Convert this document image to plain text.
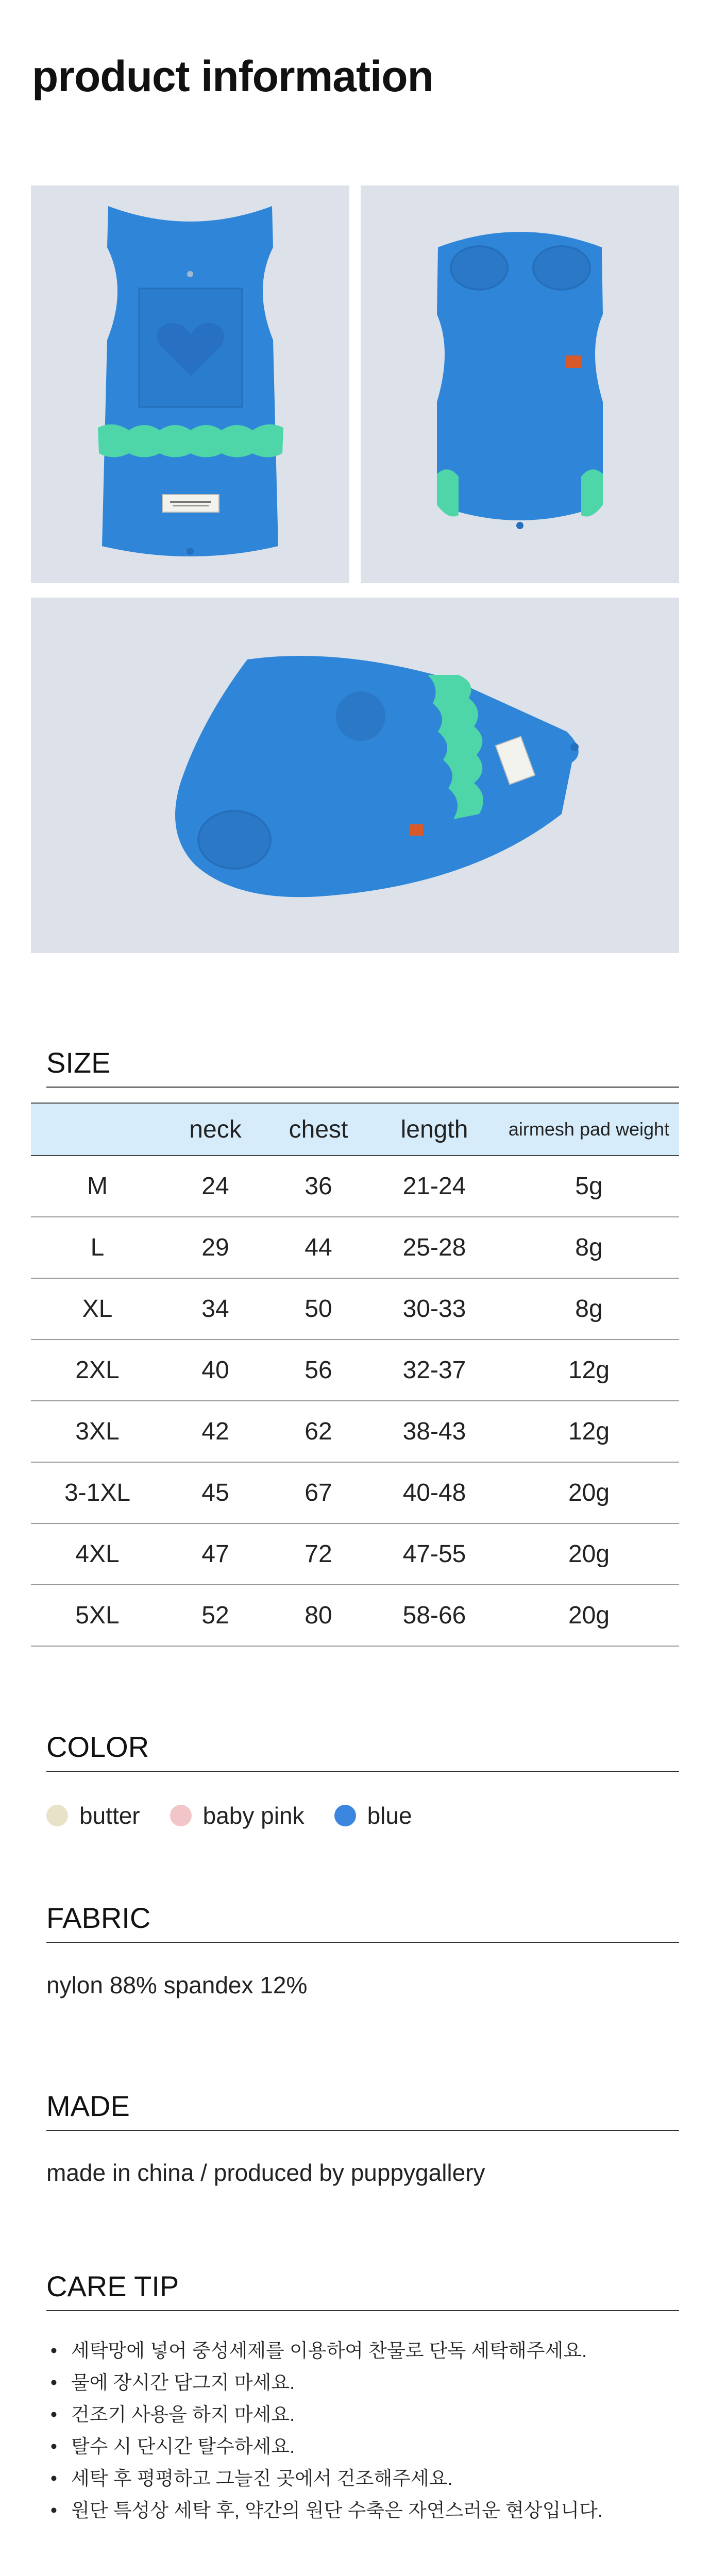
product information
SIZE
	neck	chest	length	airmesh pad weight
M	24	36	21-24	5g
L	29	44	25-28	8g
XL	34	50	30-33	8g
2XL	40	56	32-37	12g
3XL	42	62	38-43	12g
3-1XL	45	67	40-48	20g
4XL	47	72	47-55	20g
5XL	52	80	58-66	20g
COLOR
butter	baby pink	blue
FABRIC
nylon 88% spandex 12%
MADE
made in china / produced by puppygallery
CARE TIP
• 세탁망에 넣어 중성세제를 이용하여 찬물로 단독 세탁해주세요.
• 물에 장시간 담그지 마세요.
• 건조기 사용을 하지 마세요.
• 탈수 시 단시간 탈수하세요.
• 세탁 후 평평하고 그늘진 곳에서 건조해주세요.
• 원단 특성상 세탁 후, 약간의 원단 수축은 자연스러운 현상입니다.
